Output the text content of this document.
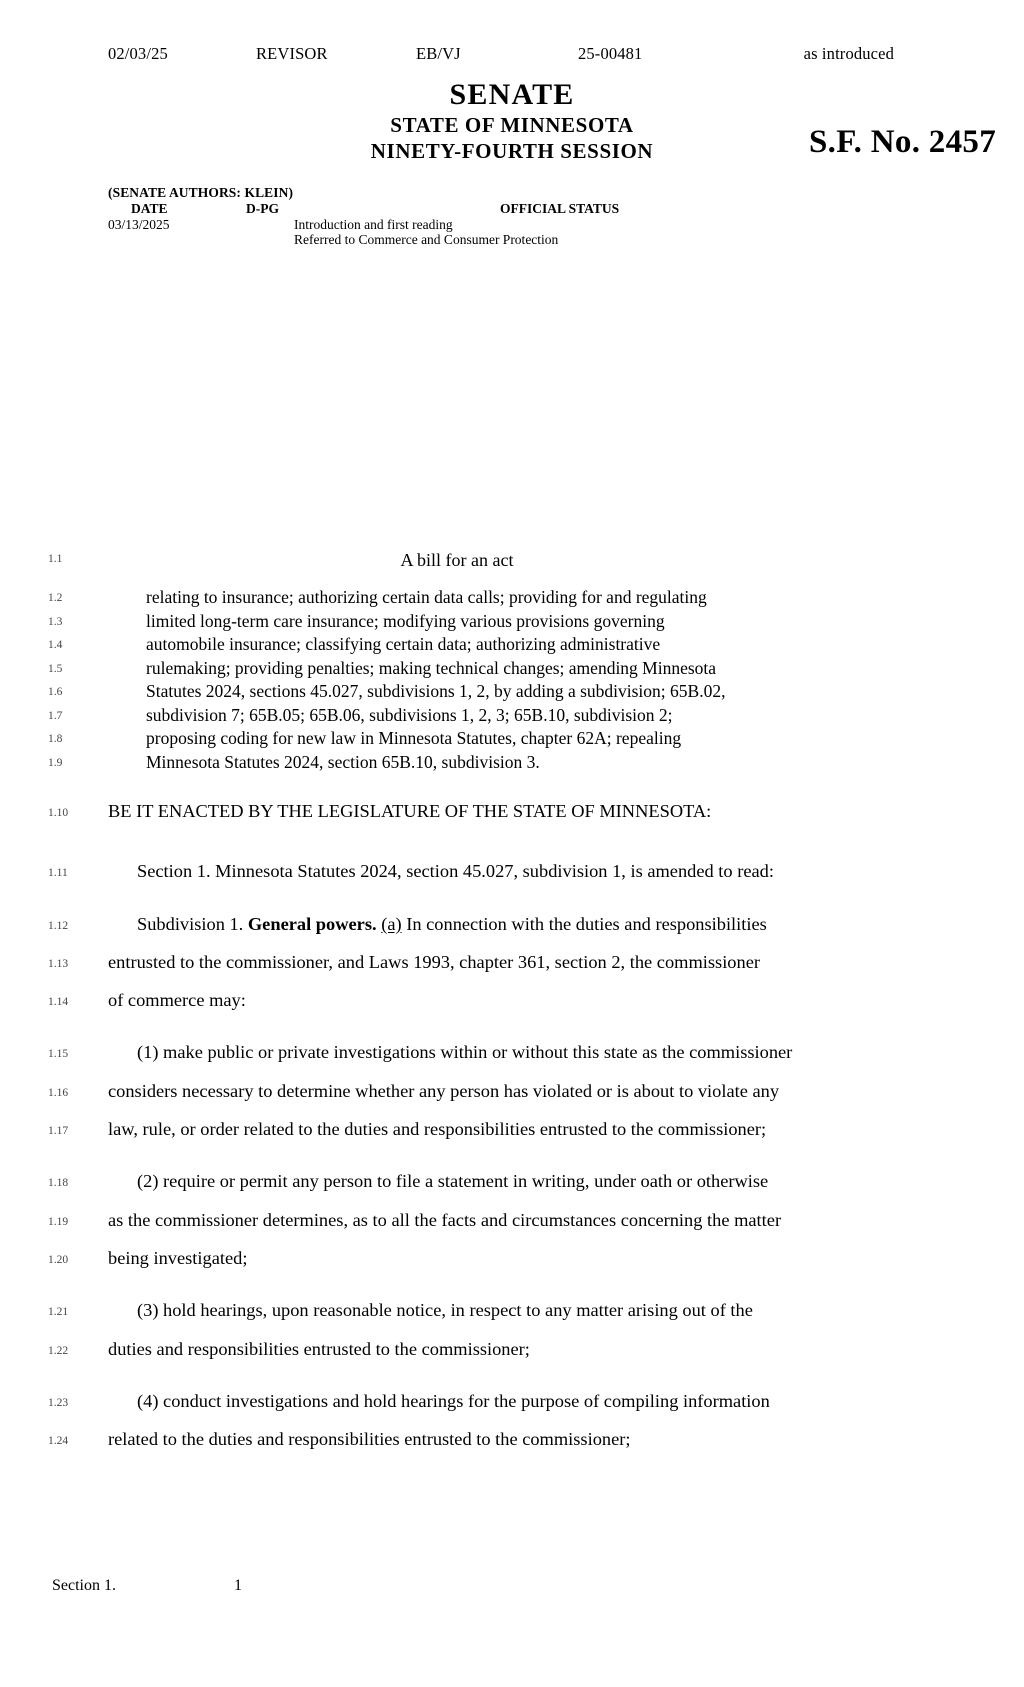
02/03/25	REVISOR	EB/VJ	25-00481	as introduced
SENATE
STATE OF MINNESOTA
NINETY-FOURTH SESSION	S.F. No. 2457
(SENATE AUTHORS: KLEIN)
DATE	D-PG	OFFICIAL STATUS
03/13/2025	Introduction and first reading
Referred to Commerce and Consumer Protection
1.1	A bill for an act
1.2	relating to insurance; authorizing certain data calls; providing for and regulating
1.3	limited long-term care insurance; modifying various provisions governing
1.4	automobile insurance; classifying certain data; authorizing administrative
1.5	rulemaking; providing penalties; making technical changes; amending Minnesota
1.6	Statutes 2024, sections 45.027, subdivisions 1, 2, by adding a subdivision; 65B.02,
1.7	subdivision 7; 65B.05; 65B.06, subdivisions 1, 2, 3; 65B.10, subdivision 2;
1.8	proposing coding for new law in Minnesota Statutes, chapter 62A; repealing
1.9	Minnesota Statutes 2024, section 65B.10, subdivision 3.
1.10	BE IT ENACTED BY THE LEGISLATURE OF THE STATE OF MINNESOTA:
1.11	Section 1. Minnesota Statutes 2024, section 45.027, subdivision 1, is amended to read:
1.12	Subdivision 1. General powers. (a) In connection with the duties and responsibilities
1.13	entrusted to the commissioner, and Laws 1993, chapter 361, section 2, the commissioner
1.14	of commerce may:
1.15	(1) make public or private investigations within or without this state as the commissioner
1.16	considers necessary to determine whether any person has violated or is about to violate any
1.17	law, rule, or order related to the duties and responsibilities entrusted to the commissioner;
1.18	(2) require or permit any person to file a statement in writing, under oath or otherwise
1.19	as the commissioner determines, as to all the facts and circumstances concerning the matter
1.20	being investigated;
1.21	(3) hold hearings, upon reasonable notice, in respect to any matter arising out of the
1.22	duties and responsibilities entrusted to the commissioner;
1.23	(4) conduct investigations and hold hearings for the purpose of compiling information
1.24	related to the duties and responsibilities entrusted to the commissioner;
Section 1.	1
